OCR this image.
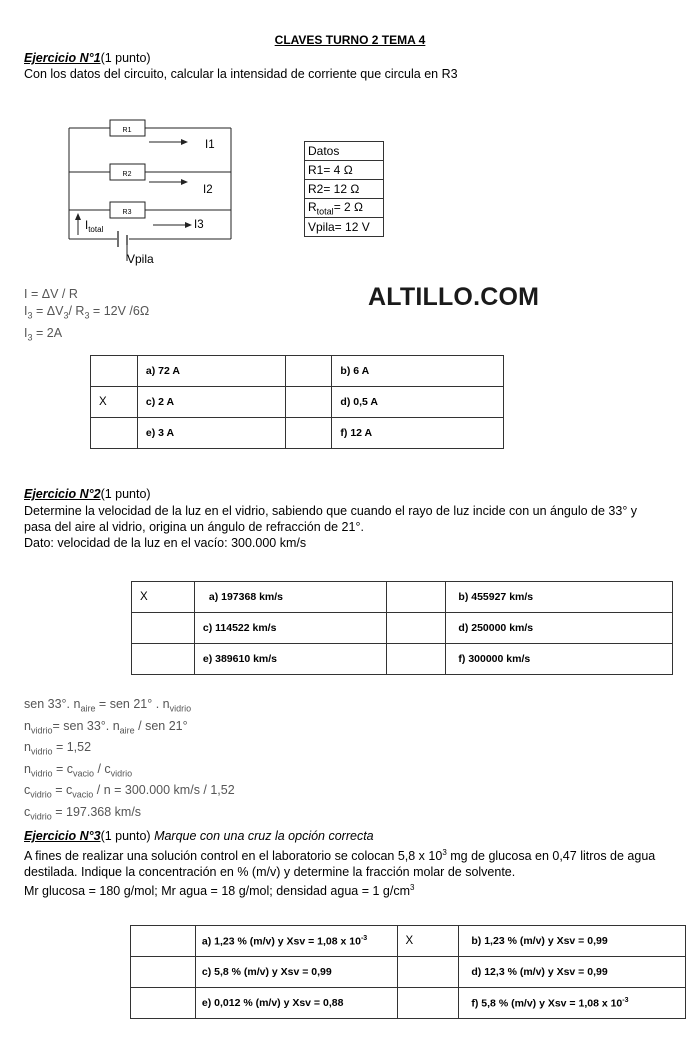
CLAVES TURNO 2 TEMA 4
Ejercicio N°1(1 punto)
Con los datos del circuito, calcular la intensidad de corriente que circula en R3
R1
R2
R3
I1
I2
I3
$I_{total}$
Vpila
Datos
R1= 4 Ω
R2= 12 Ω
$R_{total}= 2$ Ω
Vpila= 12 V
I = ΔV / R
$I_3 = \Delta V_3/$ $R_3 = 12V$ /6Ω
$I_3 = 2A$
ALTILLO.COM
	a) 72 A		b) 6 A
X	c) 2 A		d) 0,5 A
	e) 3 A		f) 12 A
Ejercicio N°2(1 punto)
Determine la velocidad de la luz en el vidrio, sabiendo que cuando el rayo de luz incide con un ángulo de 33° y
pasa del aire al vidrio, origina un ángulo de refracción de 21°.
Dato: velocidad de la luz en el vacío: 300.000 km/s
X	a) 197368 km/s		b) 455927 km/s
	c) 114522 km/s		d) 250000 km/s
	e) 389610 km/s		f) 300000 km/s
sen 33°. $n_{aire}$ = sen 21° . $n_{vidrio}$
$n_{vidrio}=$ sen 33°. $n_{aire}$ / sen 21°
$n_{vidrio} = 1,52$
$n_{vidrio} = c_{vacio} / c_{vidrio}$
$c_{vidrio} = c_{vacio} / n = 300.000$ km/s / 1,52
$c_{vidrio} = 197.368$ km/s
Ejercicio N°3(1 punto) Marque con una cruz la opción correcta
A fines de realizar una solución control en el laboratorio se colocan 5,8 x $10^3$ mg de glucosa en 0,47 litros de agua
destilada. Indique la concentración en % (m/v) y determine la fracción molar de solvente.
Mr glucosa = 180 g/mol; Mr agua = 18 g/mol; densidad agua = 1 $g/cm^3$
	a) 1,23 % (m/v) y Xsv = 1,08 x $10^{-3}$	X	b) 1,23 % (m/v) y Xsv = 0,99
	c) 5,8 % (m/v) y Xsv = 0,99		d) 12,3 % (m/v) y Xsv = 0,99
	e) 0,012 % (m/v) y Xsv = 0,88		f) 5,8 % (m/v) y Xsv = 1,08 x $10^{-3}$
